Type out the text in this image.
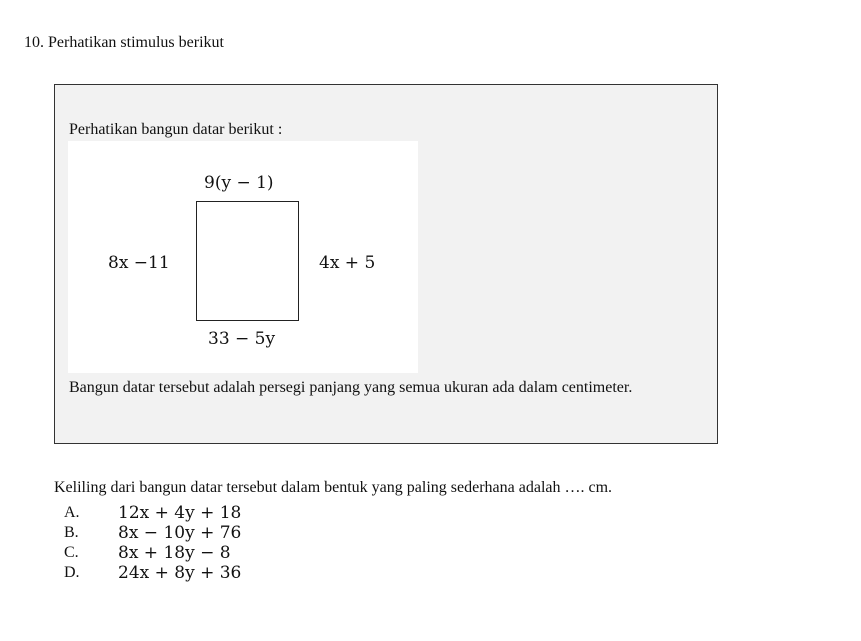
10. Perhatikan stimulus berikut
Perhatikan bangun datar berikut :
9(y − 1)
8x −11	4x + 5
33 − 5y
Bangun datar tersebut adalah persegi panjang yang semua ukuran ada dalam centimeter.
Keliling dari bangun datar tersebut dalam bentuk yang paling sederhana adalah …. cm.
A.	12x + 4y + 18
B.	8x − 10y + 76
C.	8x + 18y − 8
D.	24x + 8y + 36
